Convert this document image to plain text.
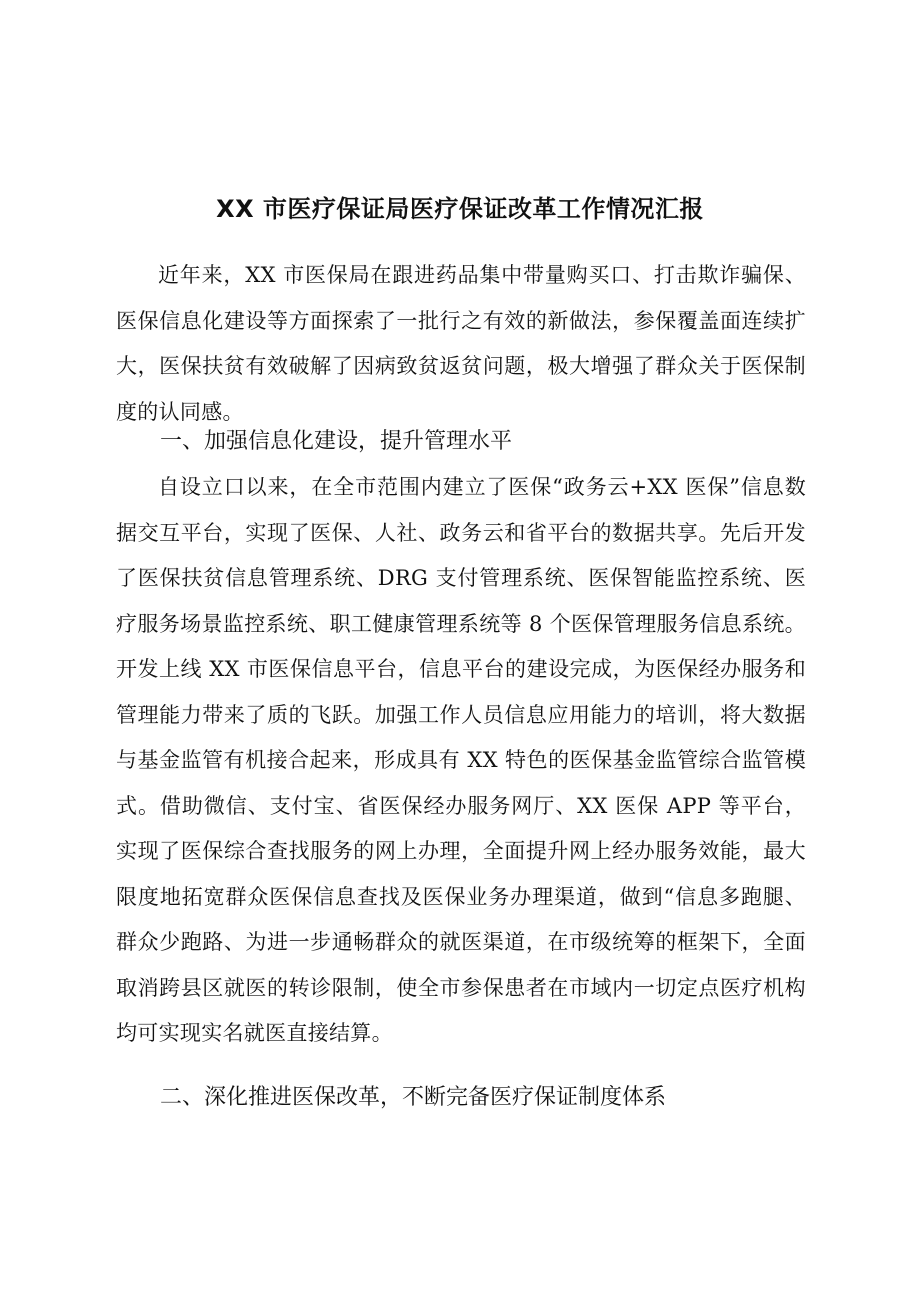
XX 市医疗保证局医疗保证改革工作情况汇报
近年来，XX 市医保局在跟进药品集中带量购买口、打击欺诈骗保、医保信息化建设等方面探索了一批行之有效的新做法，参保覆盖面连续扩大，医保扶贫有效破解了因病致贫返贫问题，极大增强了群众关于医保制度的认同感。
一、加强信息化建设，提升管理水平
自设立口以来，在全市范围内建立了医保“政务云+XX 医保”信息数据交互平台，实现了医保、人社、政务云和省平台的数据共享。先后开发了医保扶贫信息管理系统、DRG 支付管理系统、医保智能监控系统、医疗服务场景监控系统、职工健康管理系统等 8 个医保管理服务信息系统。开发上线 XX 市医保信息平台，信息平台的建设完成，为医保经办服务和管理能力带来了质的飞跃。加强工作人员信息应用能力的培训，将大数据与基金监管有机接合起来，形成具有 XX 特色的医保基金监管综合监管模式。借助微信、支付宝、省医保经办服务网厅、XX 医保 APP 等平台，实现了医保综合查找服务的网上办理，全面提升网上经办服务效能，最大限度地拓宽群众医保信息查找及医保业务办理渠道，做到“信息多跑腿、群众少跑路、为进一步通畅群众的就医渠道，在市级统筹的框架下，全面取消跨县区就医的转诊限制，使全市参保患者在市域内一切定点医疗机构均可实现实名就医直接结算。
二、深化推进医保改革，不断完备医疗保证制度体系
